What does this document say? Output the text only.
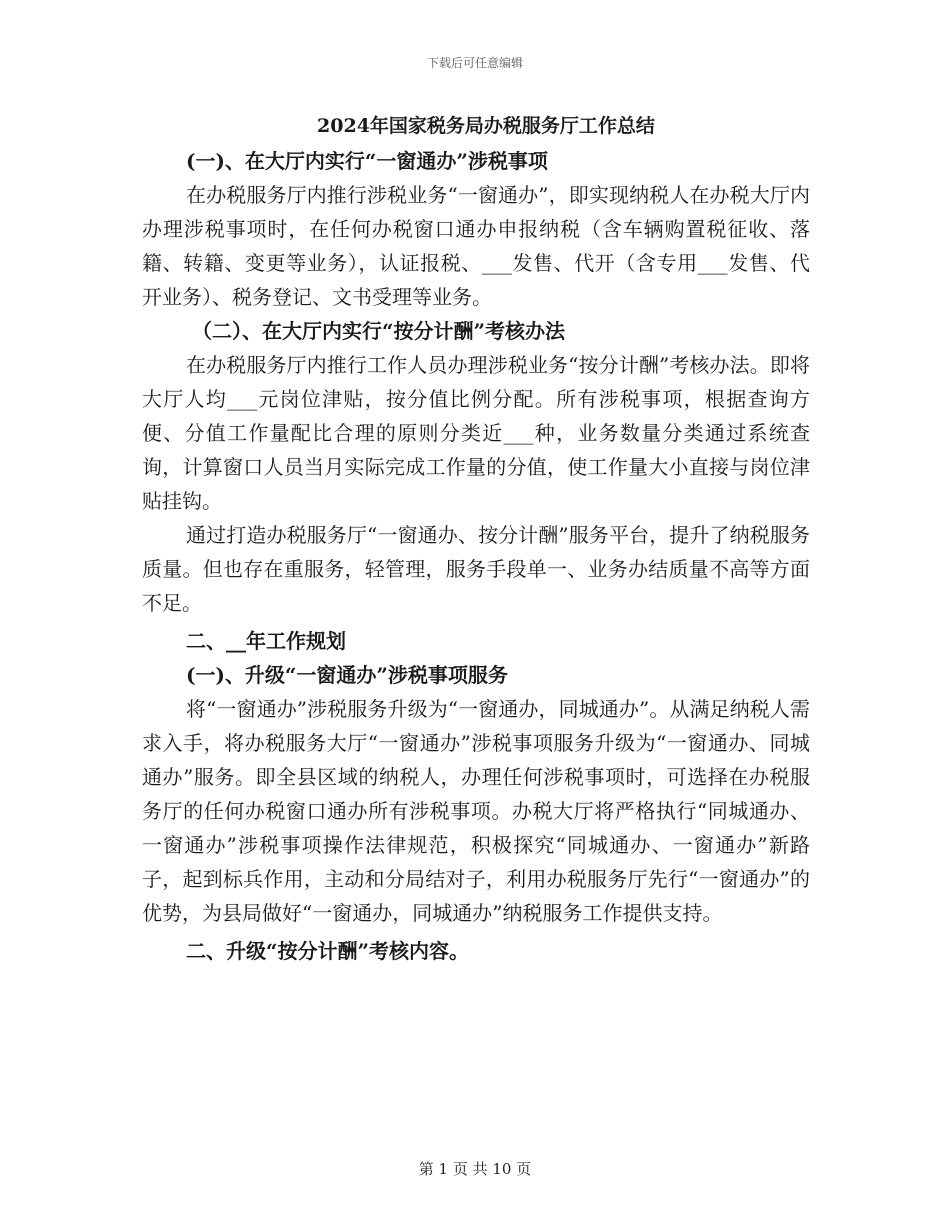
下载后可任意编辑
2024年国家税务局办税服务厅工作总结
(一)、在大厅内实行“一窗通办”涉税事项
在办税服务厅内推行涉税业务“一窗通办”，即实现纳税人在办税大厅内办理涉税事项时，在任何办税窗口通办申报纳税（含车辆购置税征收、落籍、转籍、变更等业务），认证报税、___发售、代开（含专用___发售、代开业务）、税务登记、文书受理等业务。
（二）、在大厅内实行“按分计酬”考核办法
在办税服务厅内推行工作人员办理涉税业务“按分计酬”考核办法。即将大厅人均___元岗位津贴，按分值比例分配。所有涉税事项，根据查询方便、分值工作量配比合理的原则分类近___种，业务数量分类通过系统查询，计算窗口人员当月实际完成工作量的分值，使工作量大小直接与岗位津贴挂钩。
通过打造办税服务厅“一窗通办、按分计酬”服务平台，提升了纳税服务质量。但也存在重服务，轻管理，服务手段单一、业务办结质量不高等方面不足。
二、__年工作规划
(一)、升级“一窗通办”涉税事项服务
将“一窗通办”涉税服务升级为“一窗通办，同城通办”。从满足纳税人需求入手，将办税服务大厅“一窗通办”涉税事项服务升级为“一窗通办、同城通办”服务。即全县区域的纳税人，办理任何涉税事项时，可选择在办税服务厅的任何办税窗口通办所有涉税事项。办税大厅将严格执行“同城通办、一窗通办”涉税事项操作法律规范，积极探究“同城通办、一窗通办”新路子，起到标兵作用，主动和分局结对子，利用办税服务厅先行“一窗通办”的优势，为县局做好“一窗通办，同城通办”纳税服务工作提供支持。
二、升级“按分计酬”考核内容。
第 1 页 共 10 页
